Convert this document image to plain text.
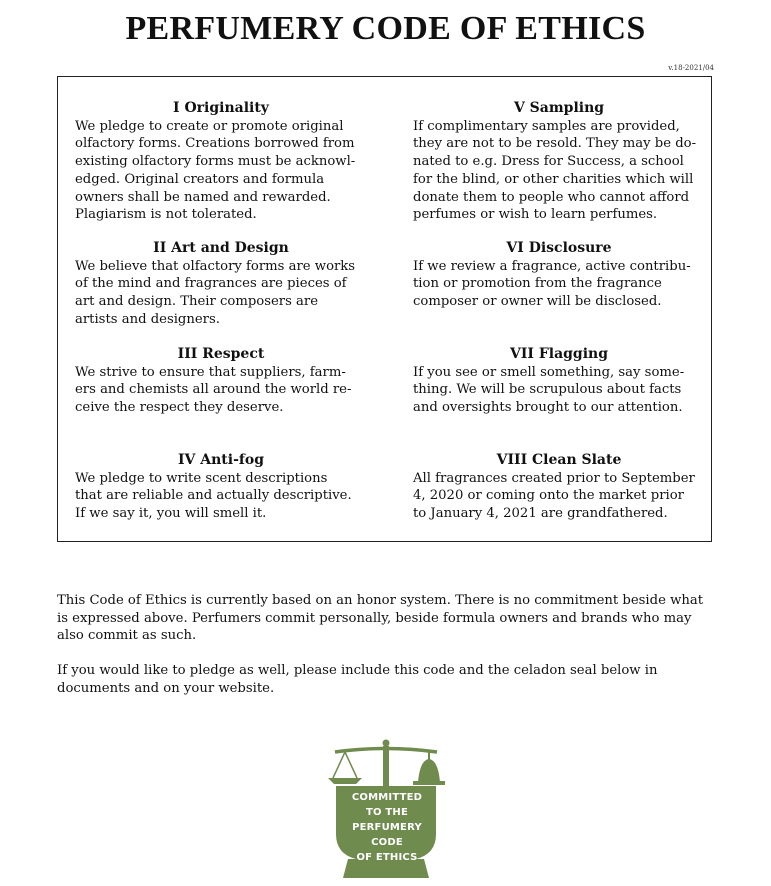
PERFUMERY CODE OF ETHICS
v.18-2021/04
I Originality
We pledge to create or promote original
olfactory forms. Creations borrowed from
existing olfactory forms must be acknowl-
edged. Original creators and formula
owners shall be named and rewarded.
Plagiarism is not tolerated.
II Art and Design
We believe that olfactory forms are works
of the mind and fragrances are pieces of
art and design. Their composers are
artists and designers.
III Respect
We strive to ensure that suppliers, farm-
ers and chemists all around the world re-
ceive the respect they deserve.
IV Anti-fog
We pledge to write scent descriptions
that are reliable and actually descriptive.
If we say it, you will smell it.
V Sampling
If complimentary samples are provided,
they are not to be resold. They may be do-
nated to e.g. Dress for Success, a school
for the blind, or other charities which will
donate them to people who cannot afford
perfumes or wish to learn perfumes.
VI Disclosure
If we review a fragrance, active contribu-
tion or promotion from the fragrance
composer or owner will be disclosed.
VII Flagging
If you see or smell something, say some-
thing. We will be scrupulous about facts
and oversights brought to our attention.
VIII Clean Slate
All fragrances created prior to September
4, 2020 or coming onto the market prior
to January 4, 2021 are grandfathered.
This Code of Ethics is currently based on an honor system. There is no commitment beside what
is expressed above. Perfumers commit personally, beside formula owners and brands who may
also commit as such.
If you would like to pledge as well, please include this code and the celadon seal below in
documents and on your website.
COMMITTED
TO THE
PERFUMERY
CODE
OF ETHICS
